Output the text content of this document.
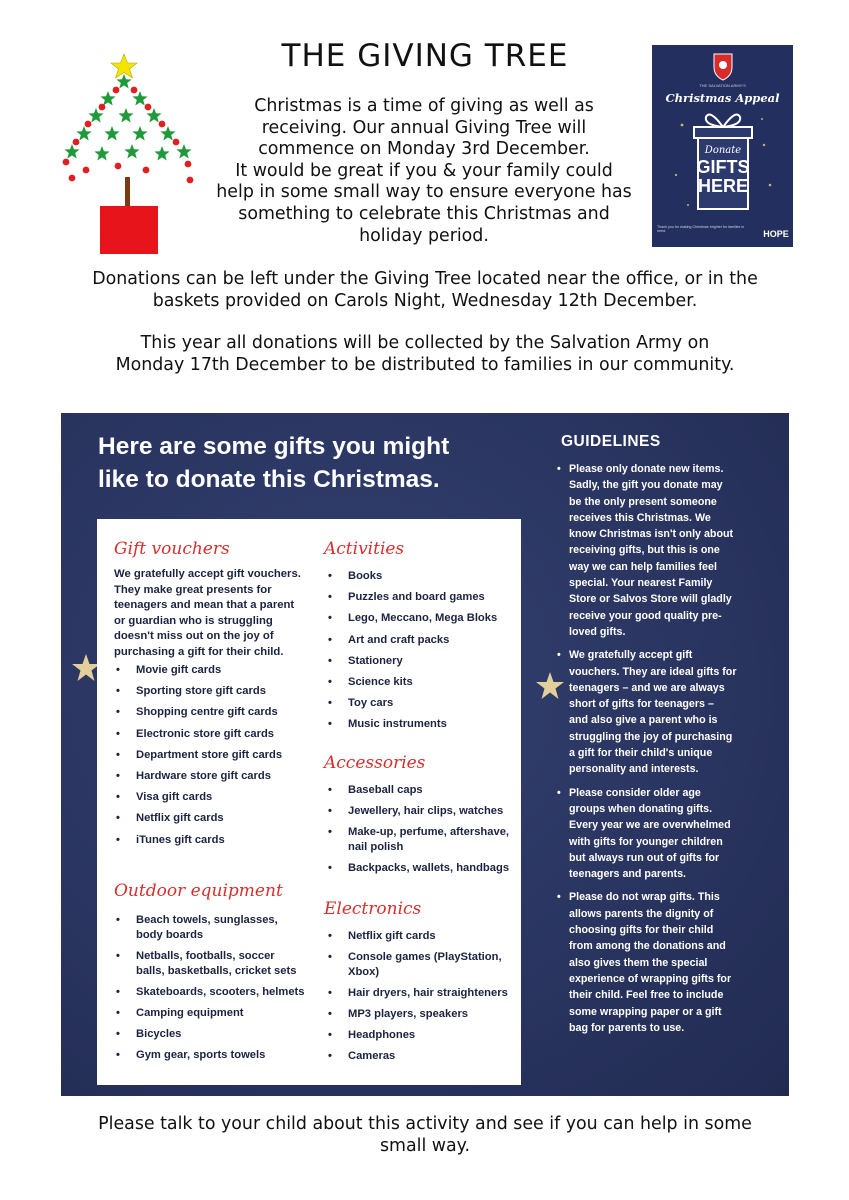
THE GIVING TREE
Christmas is a time of giving as well as
receiving. Our annual Giving Tree will
commence on Monday 3rd December.
It would be great if you & your family could
help in some small way to ensure everyone has
something to celebrate this Christmas and
holiday period.
THE SALVATION ARMY'S
Christmas Appeal
Donate
GIFTS
HERE
Thank you for making Christmas brighter for families in need.	HOPE
Donations can be left under the Giving Tree located near the office, or in the
baskets provided on Carols Night, Wednesday 12th December.
This year all donations will be collected by the Salvation Army on
Monday 17th December to be distributed to families in our community.
Here are some gifts you might
like to donate this Christmas.
Gift vouchers
We gratefully accept gift vouchers.
They make great presents for
teenagers and mean that a parent
or guardian who is struggling
doesn't miss out on the joy of
purchasing a gift for their child.
• Movie gift cards
• Sporting store gift cards
• Shopping centre gift cards
• Electronic store gift cards
• Department store gift cards
• Hardware store gift cards
• Visa gift cards
• Netflix gift cards
• iTunes gift cards
Outdoor equipment
• Beach towels, sunglasses,
body boards
• Netballs, footballs, soccer
balls, basketballs, cricket sets
• Skateboards, scooters, helmets
• Camping equipment
• Bicycles
• Gym gear, sports towels
Activities
• Books
• Puzzles and board games
• Lego, Meccano, Mega Bloks
• Art and craft packs
• Stationery
• Science kits
• Toy cars
• Music instruments
Accessories
• Baseball caps
• Jewellery, hair clips, watches
• Make-up, perfume, aftershave,
nail polish
• Backpacks, wallets, handbags
Electronics
• Netflix gift cards
• Console games (PlayStation,
Xbox)
• Hair dryers, hair straighteners
• MP3 players, speakers
• Headphones
• Cameras
GUIDELINES
• Please only donate new items.
Sadly, the gift you donate may
be the only present someone
receives this Christmas. We
know Christmas isn't only about
receiving gifts, but this is one
way we can help families feel
special. Your nearest Family
Store or Salvos Store will gladly
receive your good quality pre-
loved gifts.
• We gratefully accept gift
vouchers. They are ideal gifts for
teenagers – and we are always
short of gifts for teenagers –
and also give a parent who is
struggling the joy of purchasing
a gift for their child's unique
personality and interests.
• Please consider older age
groups when donating gifts.
Every year we are overwhelmed
with gifts for younger children
but always run out of gifts for
teenagers and parents.
• Please do not wrap gifts. This
allows parents the dignity of
choosing gifts for their child
from among the donations and
also gives them the special
experience of wrapping gifts for
their child. Feel free to include
some wrapping paper or a gift
bag for parents to use.
Please talk to your child about this activity and see if you can help in some
small way.
